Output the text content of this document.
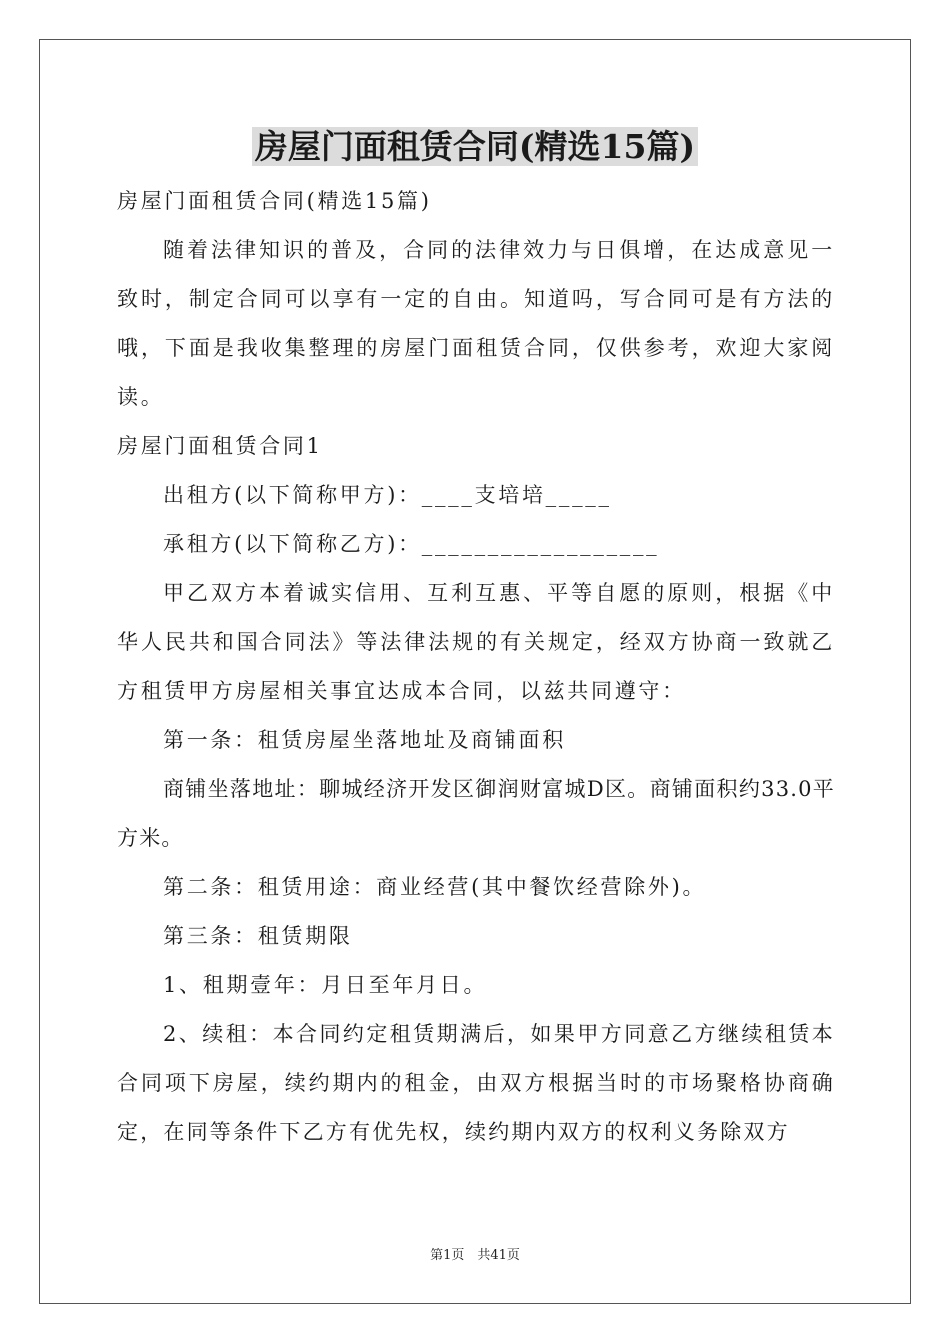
房屋门面租赁合同(精选15篇)

房屋门面租赁合同(精选15篇)

随着法律知识的普及，合同的法律效力与日俱增，在达成意见一致时，制定合同可以享有一定的自由。知道吗，写合同可是有方法的哦，下面是我收集整理的房屋门面租赁合同，仅供参考，欢迎大家阅读。

房屋门面租赁合同1

出租方(以下简称甲方)：____支培培_____

承租方(以下简称乙方)：__________________

甲乙双方本着诚实信用、互利互惠、平等自愿的原则，根据《中华人民共和国合同法》等法律法规的有关规定，经双方协商一致就乙方租赁甲方房屋相关事宜达成本合同，以兹共同遵守：

第一条：租赁房屋坐落地址及商铺面积

商铺坐落地址：聊城经济开发区御润财富城D区。商铺面积约33.0平方米。

第二条：租赁用途：商业经营(其中餐饮经营除外)。

第三条：租赁期限

1、租期壹年：月日至年月日。

2、续租：本合同约定租赁期满后，如果甲方同意乙方继续租赁本合同项下房屋，续约期内的租金，由双方根据当时的市场聚格协商确定，在同等条件下乙方有优先权，续约期内双方的权利义务除双方

第1页　共41页
